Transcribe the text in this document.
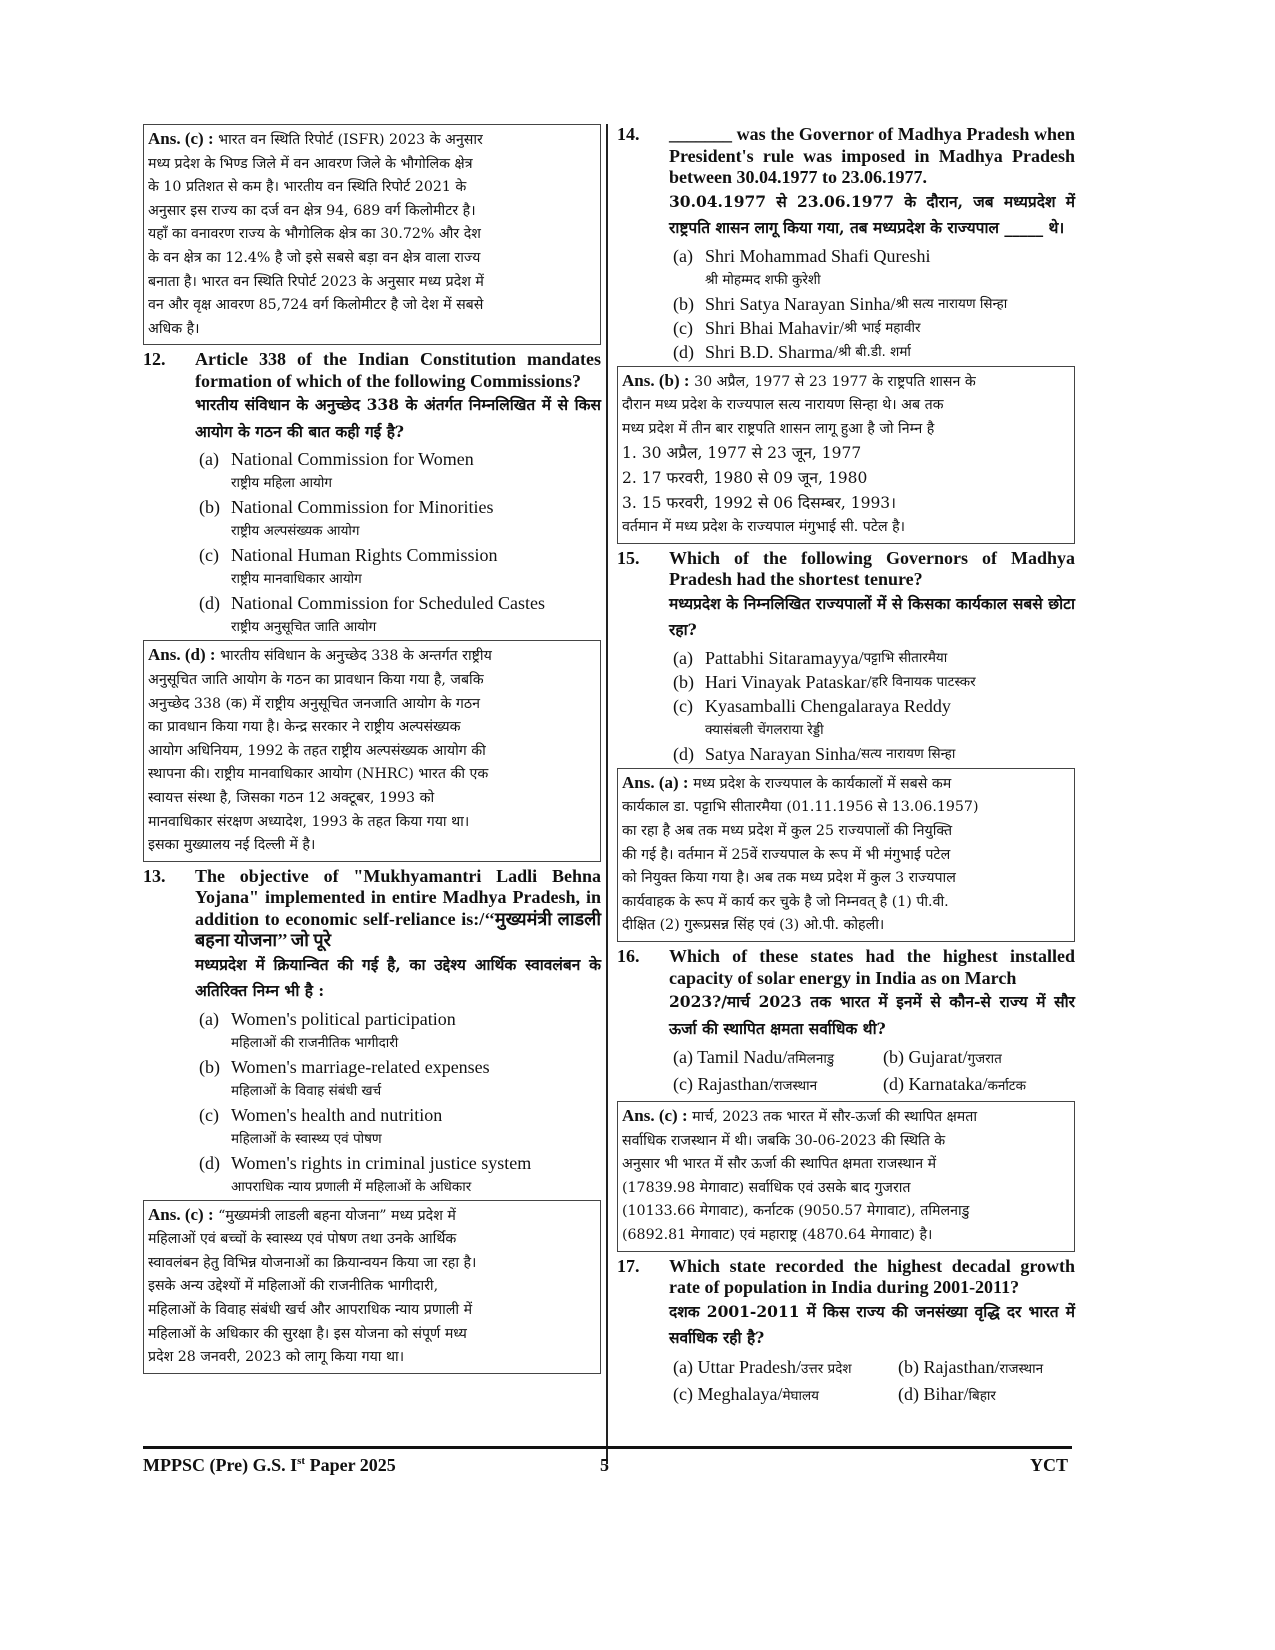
Ans. (c) : भारत वन स्थिति रिपोर्ट (ISFR) 2023 के अनुसार
मध्य प्रदेश के भिण्ड जिले में वन आवरण जिले के भौगोलिक क्षेत्र
के 10 प्रतिशत से कम है। भारतीय वन स्थिति रिपोर्ट 2021 के
अनुसार इस राज्य का दर्ज वन क्षेत्र 94, 689 वर्ग किलोमीटर है।
यहाँ का वनावरण राज्य के भौगोलिक क्षेत्र का 30.72% और देश
के वन क्षेत्र का 12.4% है जो इसे सबसे बड़ा वन क्षेत्र वाला राज्य
बनाता है। भारत वन स्थिति रिपोर्ट 2023 के अनुसार मध्य प्रदेश में
वन और वृक्ष आवरण 85,724 वर्ग किलोमीटर है जो देश में सबसे
अधिक है।
12.	Article 338 of the Indian Constitution mandates formation of which of the following Commissions?
भारतीय संविधान के अनुच्छेद 338 के अंतर्गत निम्नलिखित में से किस आयोग के गठन की बात कही गई है?
(a) National Commission for Women
राष्ट्रीय महिला आयोग
(b) National Commission for Minorities
राष्ट्रीय अल्पसंख्यक आयोग
(c) National Human Rights Commission
राष्ट्रीय मानवाधिकार आयोग
(d) National Commission for Scheduled Castes
राष्ट्रीय अनुसूचित जाति आयोग
Ans. (d) : भारतीय संविधान के अनुच्छेद 338 के अन्तर्गत राष्ट्रीय
अनुसूचित जाति आयोग के गठन का प्रावधान किया गया है, जबकि
अनुच्छेद 338 (क) में राष्ट्रीय अनुसूचित जनजाति आयोग के गठन
का प्रावधान किया गया है। केन्द्र सरकार ने राष्ट्रीय अल्पसंख्यक
आयोग अधिनियम, 1992 के तहत राष्ट्रीय अल्पसंख्यक आयोग की
स्थापना की। राष्ट्रीय मानवाधिकार आयोग (NHRC) भारत की एक
स्वायत्त संस्था है, जिसका गठन 12 अक्टूबर, 1993 को
मानवाधिकार संरक्षण अध्यादेश, 1993 के तहत किया गया था।
इसका मुख्यालय नई दिल्ली में है।
13.	The objective of "Mukhyamantri Ladli Behna Yojana" implemented in entire Madhya Pradesh, in addition to economic self-reliance is:/‘‘मुख्यमंत्री लाडली बहना योजना’’ जो पूरे
मध्यप्रदेश में क्रियान्वित की गई है, का उद्देश्य आर्थिक स्वावलंबन के अतिरिक्त निम्न भी है :
(a) Women's political participation
महिलाओं की राजनीतिक भागीदारी
(b) Women's marriage-related expenses
महिलाओं के विवाह संबंधी खर्च
(c) Women's health and nutrition
महिलाओं के स्वास्थ्य एवं पोषण
(d) Women's rights in criminal justice system
आपराधिक न्याय प्रणाली में महिलाओं के अधिकार
Ans. (c) : “मुख्यमंत्री लाडली बहना योजना” मध्य प्रदेश में
महिलाओं एवं बच्चों के स्वास्थ्य एवं पोषण तथा उनके आर्थिक
स्वावलंबन हेतु विभिन्न योजनाओं का क्रियान्वयन किया जा रहा है।
इसके अन्य उद्देश्यों में महिलाओं की राजनीतिक भागीदारी,
महिलाओं के विवाह संबंधी खर्च और आपराधिक न्याय प्रणाली में
महिलाओं के अधिकार की सुरक्षा है। इस योजना को संपूर्ण मध्य
प्रदेश 28 जनवरी, 2023 को लागू किया गया था।
14.	_______ was the Governor of Madhya Pradesh when President's rule was imposed in Madhya Pradesh between 30.04.1977 to 23.06.1977.
30.04.1977 से 23.06.1977 के दौरान, जब मध्यप्रदेश में राष्ट्रपति शासन लागू किया गया, तब मध्यप्रदेश के राज्यपाल _____ थे।
(a) Shri Mohammad Shafi Qureshi
श्री मोहम्मद शफी कुरेशी
(b) Shri Satya Narayan Sinha/ श्री सत्य नारायण सिन्हा
(c) Shri Bhai Mahavir/ श्री भाई महावीर
(d) Shri B.D. Sharma/ श्री बी.डी. शर्मा
Ans. (b) : 30 अप्रैल, 1977 से 23 1977 के राष्ट्रपति शासन के
दौरान मध्य प्रदेश के राज्यपाल सत्य नारायण सिन्हा थे। अब तक
मध्य प्रदेश में तीन बार राष्ट्रपति शासन लागू हुआ है जो निम्न है
1. 30 अप्रैल, 1977 से 23 जून, 1977
2. 17 फरवरी, 1980 से 09 जून, 1980
3. 15 फरवरी, 1992 से 06 दिसम्बर, 1993।
वर्तमान में मध्य प्रदेश के राज्यपाल मंगुभाई सी. पटेल है।
15.	Which of the following Governors of Madhya Pradesh had the shortest tenure?
मध्यप्रदेश के निम्नलिखित राज्यपालों में से किसका कार्यकाल सबसे छोटा रहा?
(a) Pattabhi Sitaramayya/ पट्टाभि सीतारमैया
(b) Hari Vinayak Pataskar/ हरि विनायक पाटस्कर
(c) Kyasamballi Chengalaraya Reddy
क्यासंबली चेंगलराया रेड्डी
(d) Satya Narayan Sinha/ सत्य नारायण सिन्हा
Ans. (a) : मध्य प्रदेश के राज्यपाल के कार्यकालों में सबसे कम
कार्यकाल डा. पट्टाभि सीतारमैया (01.11.1956 से 13.06.1957)
का रहा है अब तक मध्य प्रदेश में कुल 25 राज्यपालों की नियुक्ति
की गई है। वर्तमान में 25वें राज्यपाल के रूप में भी मंगुभाई पटेल
को नियुक्त किया गया है। अब तक मध्य प्रदेश में कुल 3 राज्यपाल
कार्यवाहक के रूप में कार्य कर चुके है जो निम्नवत् है (1) पी.वी.
दीक्षित (2) गुरूप्रसन्न सिंह एवं (3) ओ.पी. कोहली।
16.	Which of these states had the highest installed capacity of solar energy in India as on March
2023?/मार्च 2023 तक भारत में इनमें से कौन-से राज्य में सौर ऊर्जा की स्थापित क्षमता सर्वाधिक थी?
(a) Tamil Nadu/तमिलनाडु	(b) Gujarat/गुजरात
(c) Rajasthan/राजस्थान	(d) Karnataka/कर्नाटक
Ans. (c) : मार्च, 2023 तक भारत में सौर-ऊर्जा की स्थापित क्षमता
सर्वाधिक राजस्थान में थी। जबकि 30-06-2023 की स्थिति के
अनुसार भी भारत में सौर ऊर्जा की स्थापित क्षमता राजस्थान में
(17839.98 मेगावाट) सर्वाधिक एवं उसके बाद गुजरात
(10133.66 मेगावाट), कर्नाटक (9050.57 मेगावाट), तमिलनाडु
(6892.81 मेगावाट) एवं महाराष्ट्र (4870.64 मेगावाट) है।
17.	Which state recorded the highest decadal growth rate of population in India during 2001-2011?
दशक 2001-2011 में किस राज्य की जनसंख्या वृद्धि दर भारत में सर्वाधिक रही है?
(a) Uttar Pradesh/उत्तर प्रदेश	(b) Rajasthan/राजस्थान
(c) Meghalaya/मेघालय	(d) Bihar/बिहार
MPPSC (Pre) G.S. Ist Paper 2025	5	YCT
